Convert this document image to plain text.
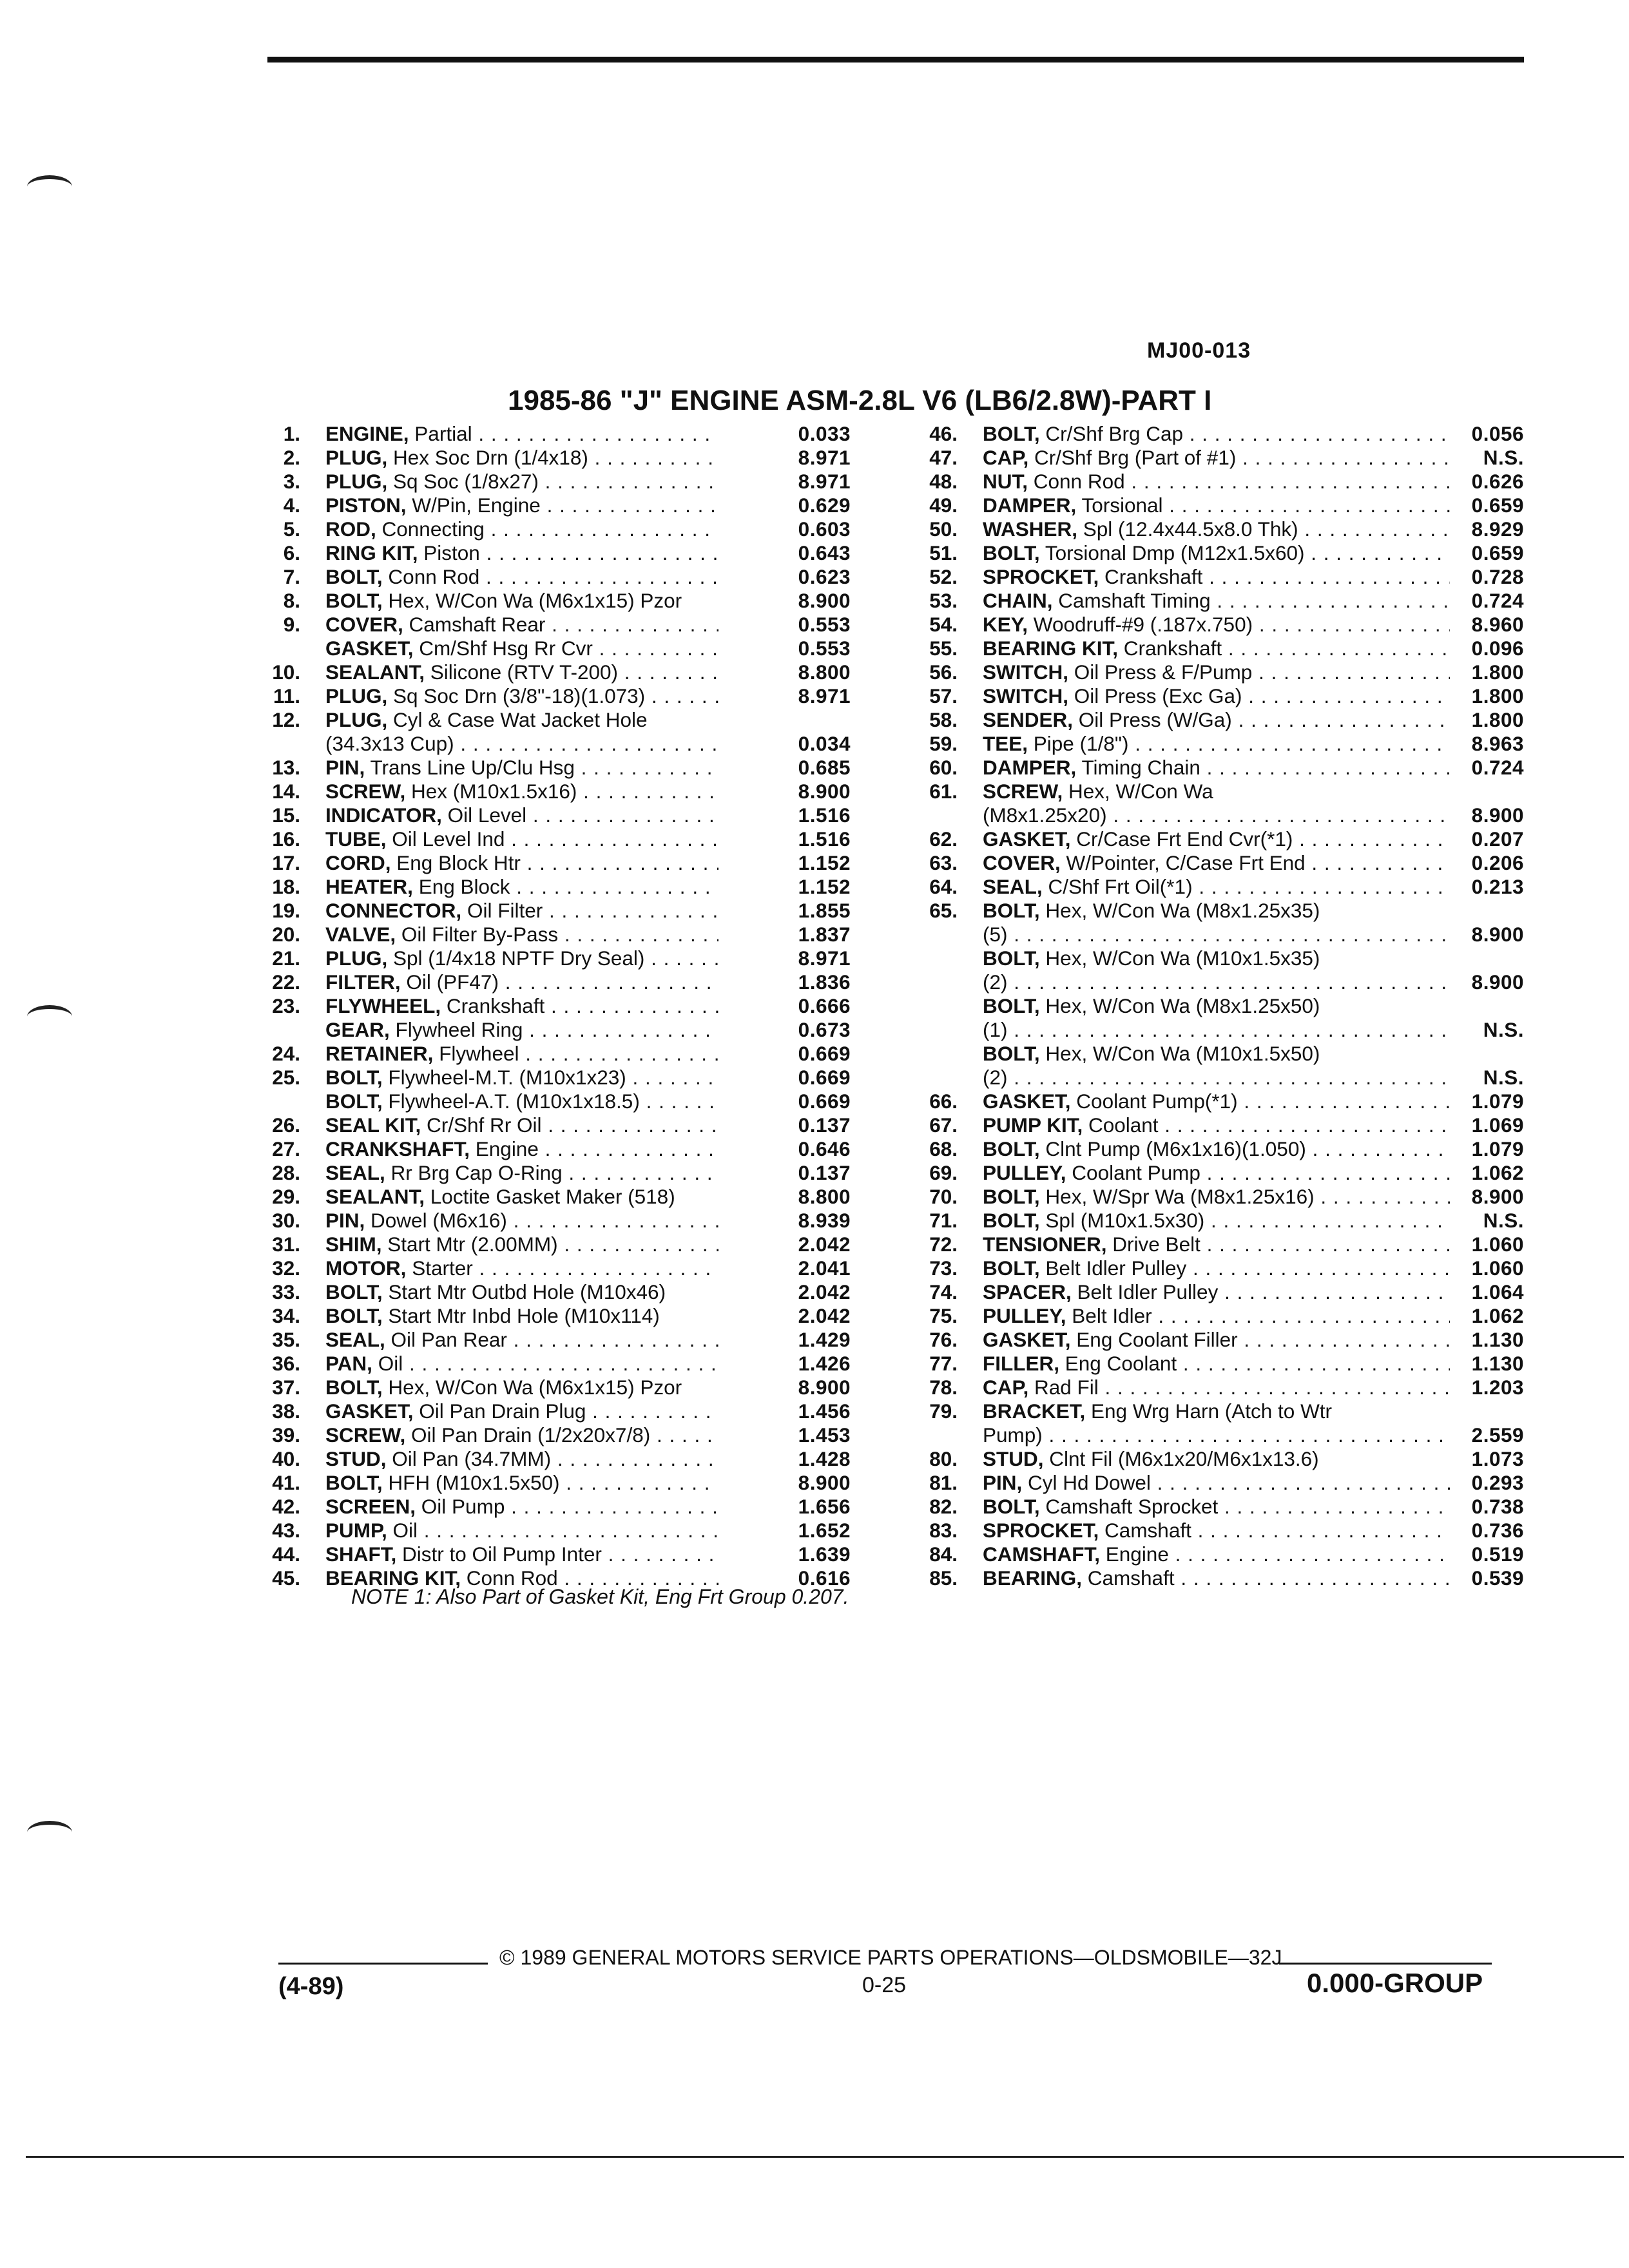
MJ00-013
1985-86 "J" ENGINE ASM-2.8L V6 (LB6/2.8W)-PART I
1. ENGINE, Partial . . .	0.033
2. PLUG, Hex Soc Drn (1/4x18) . . .	8.971
3. PLUG, Sq Soc (1/8x27) . . .	8.971
4. PISTON, W/Pin, Engine . . .	0.629
5. ROD, Connecting . . .	0.603
6. RING KIT, Piston . . .	0.643
7. BOLT, Conn Rod . . .	0.623
8. BOLT, Hex, W/Con Wa (M6x1x15) Pzor	8.900
9. COVER, Camshaft Rear . . .	0.553
GASKET, Cm/Shf Hsg Rr Cvr . . .	0.553
10. SEALANT, Silicone (RTV T-200) . . .	8.800
11. PLUG, Sq Soc Drn (3/8"-18)(1.073) . . .	8.971
12. PLUG, Cyl & Case Wat Jacket Hole
(34.3x13 Cup) . . .	0.034
13. PIN, Trans Line Up/Clu Hsg . . .	0.685
14. SCREW, Hex (M10x1.5x16) . . .	8.900
15. INDICATOR, Oil Level . . .	1.516
16. TUBE, Oil Level Ind . . .	1.516
17. CORD, Eng Block Htr . . .	1.152
18. HEATER, Eng Block . . .	1.152
19. CONNECTOR, Oil Filter . . .	1.855
20. VALVE, Oil Filter By-Pass . . .	1.837
21. PLUG, Spl (1/4x18 NPTF Dry Seal) . . .	8.971
22. FILTER, Oil (PF47) . . .	1.836
23. FLYWHEEL, Crankshaft . . .	0.666
GEAR, Flywheel Ring . . .	0.673
24. RETAINER, Flywheel . . .	0.669
25. BOLT, Flywheel-M.T. (M10x1x23) . . .	0.669
BOLT, Flywheel-A.T. (M10x1x18.5) . . .	0.669
26. SEAL KIT, Cr/Shf Rr Oil . . .	0.137
27. CRANKSHAFT, Engine . . .	0.646
28. SEAL, Rr Brg Cap O-Ring . . .	0.137
29. SEALANT, Loctite Gasket Maker (518)	8.800
30. PIN, Dowel (M6x16) . . .	8.939
31. SHIM, Start Mtr (2.00MM) . . .	2.042
32. MOTOR, Starter . . .	2.041
33. BOLT, Start Mtr Outbd Hole (M10x46)	2.042
34. BOLT, Start Mtr Inbd Hole (M10x114)	2.042
35. SEAL, Oil Pan Rear . . .	1.429
36. PAN, Oil . . .	1.426
37. BOLT, Hex, W/Con Wa (M6x1x15) Pzor	8.900
38. GASKET, Oil Pan Drain Plug . . .	1.456
39. SCREW, Oil Pan Drain (1/2x20x7/8) . . .	1.453
40. STUD, Oil Pan (34.7MM) . . .	1.428
41. BOLT, HFH (M10x1.5x50) . . .	8.900
42. SCREEN, Oil Pump . . .	1.656
43. PUMP, Oil . . .	1.652
44. SHAFT, Distr to Oil Pump Inter . . .	1.639
45. BEARING KIT, Conn Rod . . .	0.616
46. BOLT, Cr/Shf Brg Cap . . .	0.056
47. CAP, Cr/Shf Brg (Part of #1) . . .	N.S.
48. NUT, Conn Rod . . .	0.626
49. DAMPER, Torsional . . .	0.659
50. WASHER, Spl (12.4x44.5x8.0 Thk) . . .	8.929
51. BOLT, Torsional Dmp (M12x1.5x60) . . .	0.659
52. SPROCKET, Crankshaft . . .	0.728
53. CHAIN, Camshaft Timing . . .	0.724
54. KEY, Woodruff-#9 (.187x.750) . . .	8.960
55. BEARING KIT, Crankshaft . . .	0.096
56. SWITCH, Oil Press & F/Pump . . .	1.800
57. SWITCH, Oil Press (Exc Ga) . . .	1.800
58. SENDER, Oil Press (W/Ga) . . .	1.800
59. TEE, Pipe (1/8") . . .	8.963
60. DAMPER, Timing Chain . . .	0.724
61. SCREW, Hex, W/Con Wa
(M8x1.25x20) . . .	8.900
62. GASKET, Cr/Case Frt End Cvr(*1) . . .	0.207
63. COVER, W/Pointer, C/Case Frt End . . .	0.206
64. SEAL, C/Shf Frt Oil(*1) . . .	0.213
65. BOLT, Hex, W/Con Wa (M8x1.25x35)
(5) . . .	8.900
BOLT, Hex, W/Con Wa (M10x1.5x35)
(2) . . .	8.900
BOLT, Hex, W/Con Wa (M8x1.25x50)
(1) . . .	N.S.
BOLT, Hex, W/Con Wa (M10x1.5x50)
(2) . . .	N.S.
66. GASKET, Coolant Pump(*1) . . .	1.079
67. PUMP KIT, Coolant . . .	1.069
68. BOLT, Clnt Pump (M6x1x16)(1.050) . . .	1.079
69. PULLEY, Coolant Pump . . .	1.062
70. BOLT, Hex, W/Spr Wa (M8x1.25x16) . . .	8.900
71. BOLT, Spl (M10x1.5x30) . . .	N.S.
72. TENSIONER, Drive Belt . . .	1.060
73. BOLT, Belt Idler Pulley . . .	1.060
74. SPACER, Belt Idler Pulley . . .	1.064
75. PULLEY, Belt Idler . . .	1.062
76. GASKET, Eng Coolant Filler . . .	1.130
77. FILLER, Eng Coolant . . .	1.130
78. CAP, Rad Fil . . .	1.203
79. BRACKET, Eng Wrg Harn (Atch to Wtr
Pump) . . .	2.559
80. STUD, Clnt Fil (M6x1x20/M6x1x13.6)	1.073
81. PIN, Cyl Hd Dowel . . .	0.293
82. BOLT, Camshaft Sprocket . . .	0.738
83. SPROCKET, Camshaft . . .	0.736
84. CAMSHAFT, Engine . . .	0.519
85. BEARING, Camshaft . . .	0.539
NOTE 1: Also Part of Gasket Kit, Eng Frt Group 0.207.
© 1989 GENERAL MOTORS SERVICE PARTS OPERATIONS—OLDSMOBILE—32J
(4-89)	0-25	0.000-GROUP
